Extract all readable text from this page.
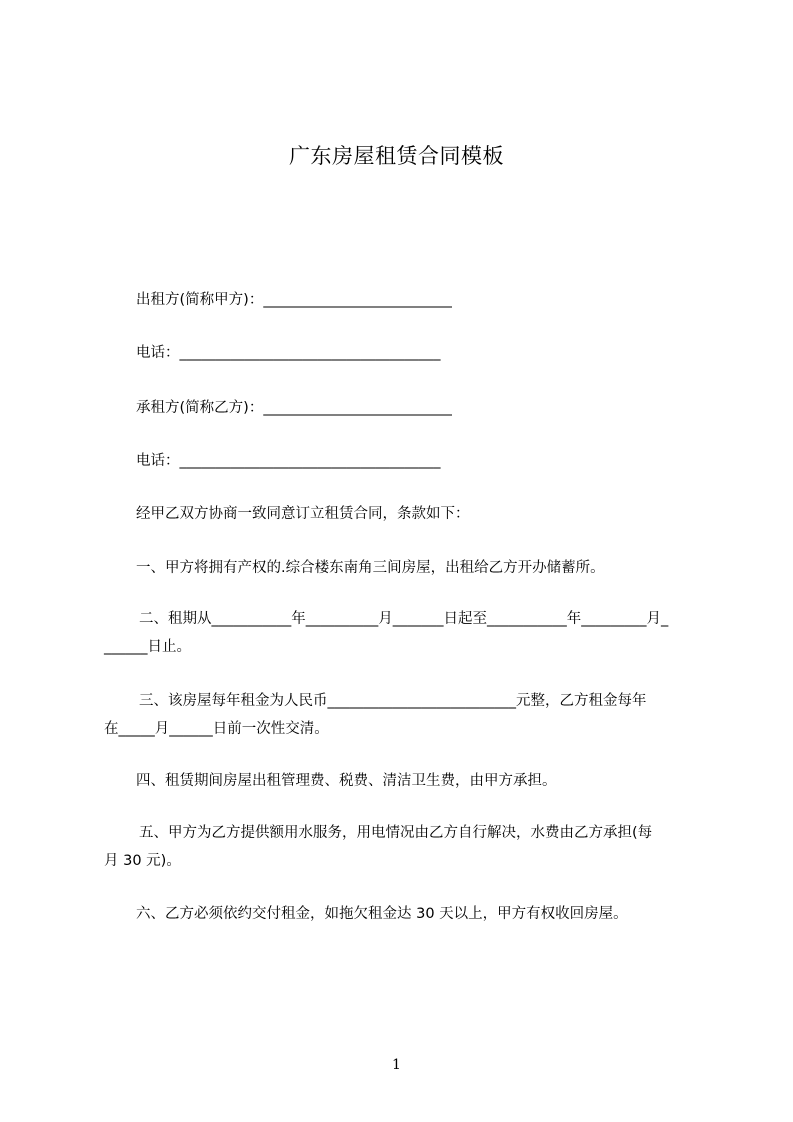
广东房屋租赁合同模板

出租方(简称甲方)：__________________________

电话：____________________________________

承租方(简称乙方)：__________________________

电话：____________________________________

经甲乙双方协商一致同意订立租赁合同，条款如下：

一、甲方将拥有产权的.综合楼东南角三间房屋，出租给乙方开办储蓄所。

二、租期从___________年__________月_______日起至___________年_________月_

______日止。

三、该房屋每年租金为人民币__________________________元整，乙方租金每年

在_____月______日前一次性交清。

四、租赁期间房屋出租管理费、税费、清洁卫生费，由甲方承担。

五、甲方为乙方提供额用水服务，用电情况由乙方自行解决，水费由乙方承担(每

月 30 元)。

六、乙方必须依约交付租金，如拖欠租金达 30 天以上，甲方有权收回房屋。

1
